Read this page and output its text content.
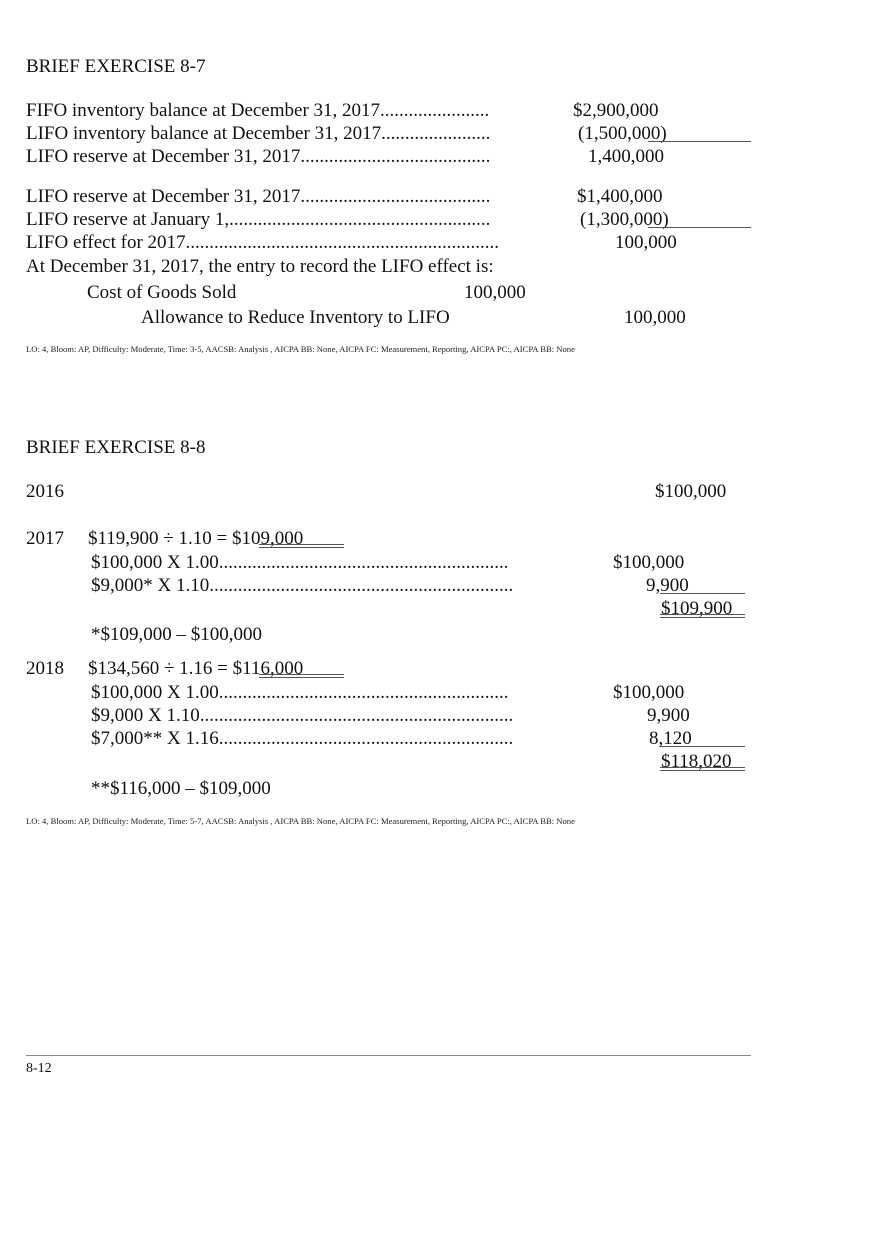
BRIEF EXERCISE 8-7
FIFO inventory balance at December 31, 2017.......................	$2,900,000
LIFO inventory balance at December 31, 2017.......................	(1,500,000)
LIFO reserve at December 31, 2017........................................	1,400,000
LIFO reserve at December 31, 2017........................................	$1,400,000
LIFO reserve at January 1,.......................................................	(1,300,000)
LIFO effect for 2017..................................................................	100,000
At December 31, 2017, the entry to record the LIFO effect is:
Cost of Goods Sold	100,000
Allowance to Reduce Inventory to LIFO	100,000
LO: 4, Bloom: AP, Difficulty: Moderate, Time: 3-5, AACSB: Analysis , AICPA BB: None, AICPA FC: Measurement, Reporting, AICPA PC:, AICPA BB: None
BRIEF EXERCISE 8-8
2016	$100,000
2017 $119,900 ÷ 1.10 = $109,000
$100,000 X 1.00.............................................................	$100,000
$9,000* X 1.10................................................................	9,900
$109,900
*$109,000 – $100,000
2018 $134,560 ÷ 1.16 = $116,000
$100,000 X 1.00.............................................................	$100,000
$9,000 X 1.10..................................................................	9,900
$7,000** X 1.16..............................................................	8,120
$118,020
**$116,000 – $109,000
LO: 4, Bloom: AP, Difficulty: Moderate, Time: 5-7, AACSB: Analysis , AICPA BB: None, AICPA FC: Measurement, Reporting, AICPA PC:, AICPA BB: None
8-12
